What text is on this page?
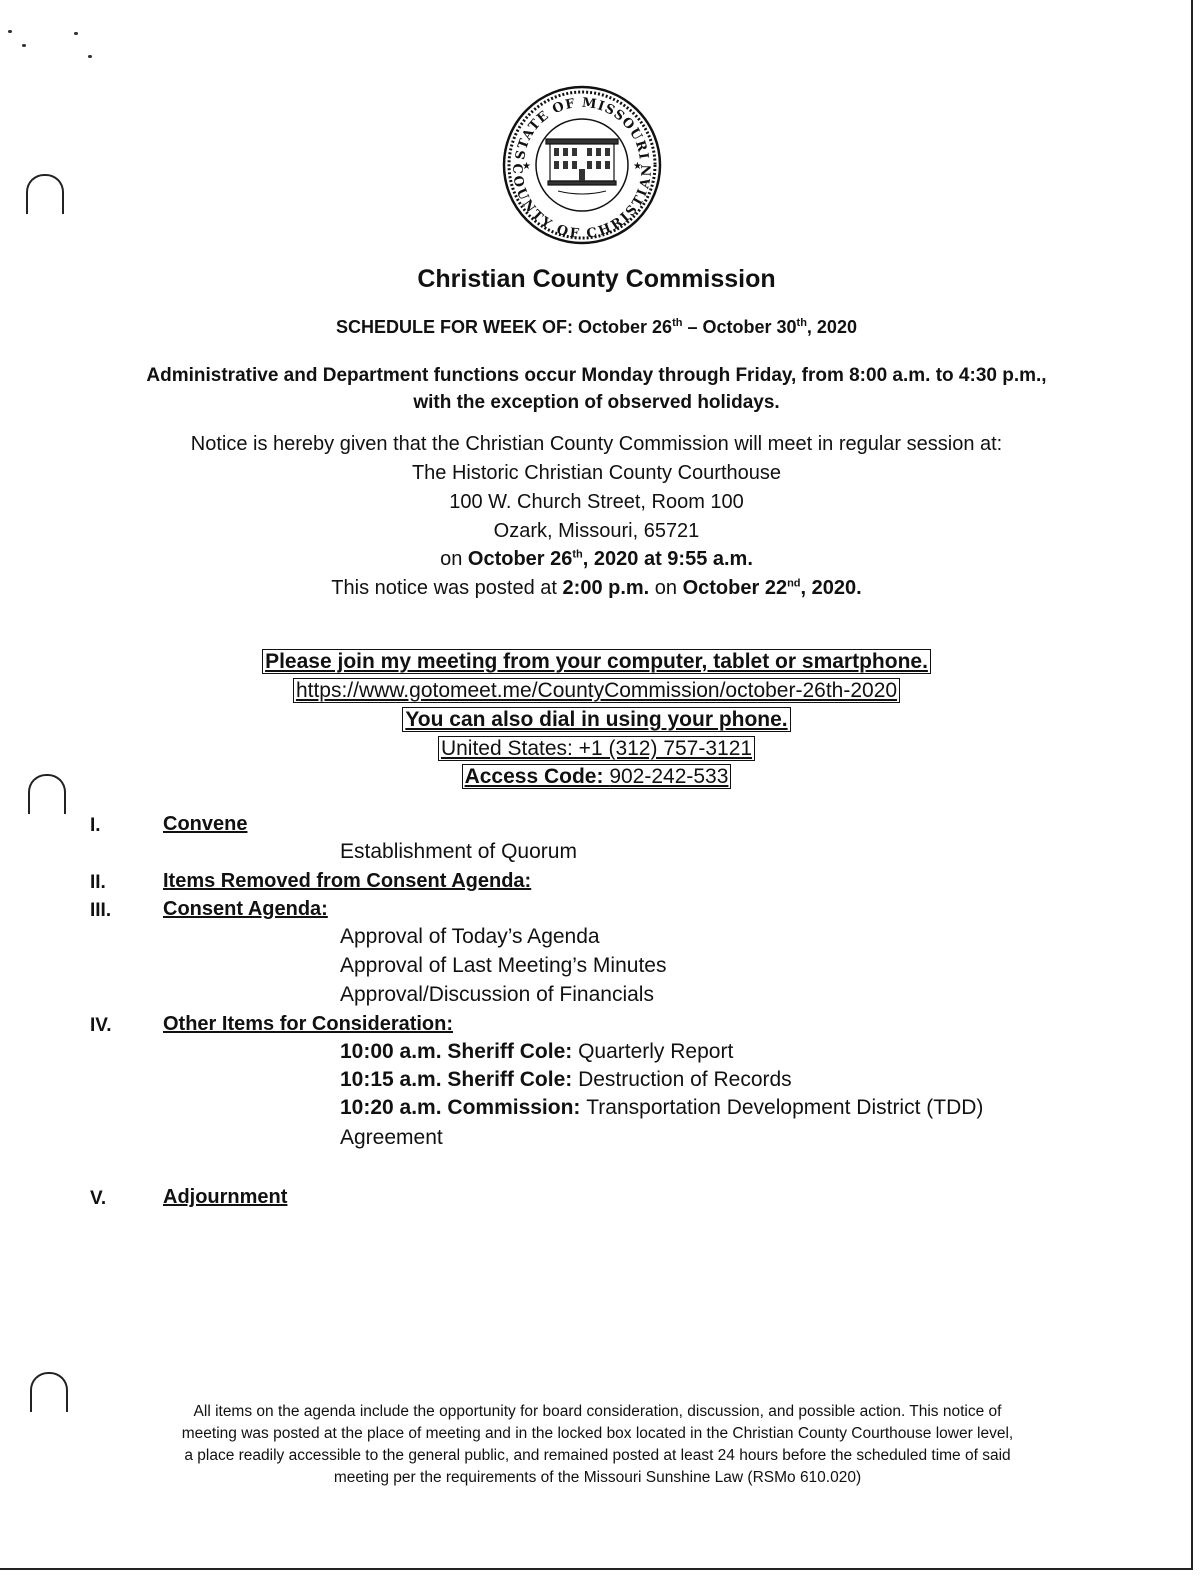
STATE OF MISSOURI
COUNTY OF CHRISTIAN
★	★
Christian County Commission
SCHEDULE FOR WEEK OF: October 26th – October 30th, 2020
Administrative and Department functions occur Monday through Friday, from 8:00 a.m. to 4:30 p.m.,
with the exception of observed holidays.
Notice is hereby given that the Christian County Commission will meet in regular session at:
The Historic Christian County Courthouse
100 W. Church Street, Room 100
Ozark, Missouri, 65721
on October 26th, 2020 at 9:55 a.m.
This notice was posted at 2:00 p.m. on October 22nd, 2020.
Please join my meeting from your computer, tablet or smartphone.
https://www.gotomeet.me/CountyCommission/october-26th-2020
You can also dial in using your phone.
United States: +1 (312) 757-3121
Access Code: 902-242-533
I.	Convene
Establishment of Quorum
II.	Items Removed from Consent Agenda:
III.	Consent Agenda:
Approval of Today’s Agenda
Approval of Last Meeting’s Minutes
Approval/Discussion of Financials
IV.	Other Items for Consideration:
10:00 a.m. Sheriff Cole: Quarterly Report
10:15 a.m. Sheriff Cole: Destruction of Records
10:20 a.m. Commission: Transportation Development District (TDD)
Agreement
V.	Adjournment
All items on the agenda include the opportunity for board consideration, discussion, and possible action. This notice of
meeting was posted at the place of meeting and in the locked box located in the Christian County Courthouse lower level,
a place readily accessible to the general public, and remained posted at least 24 hours before the scheduled time of said
meeting per the requirements of the Missouri Sunshine Law (RSMo 610.020)
